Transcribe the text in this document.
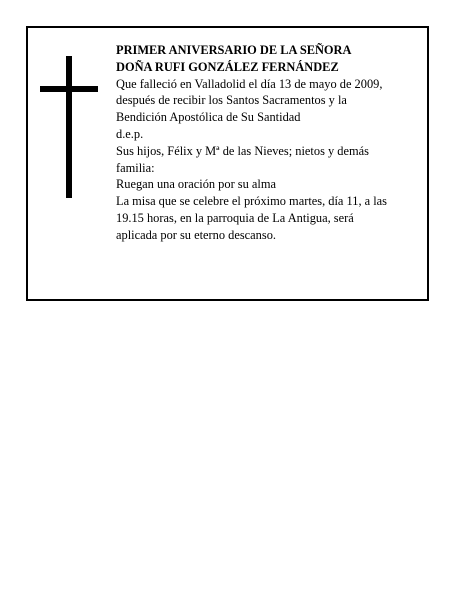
PRIMER ANIVERSARIO DE LA SEÑORA
DOÑA RUFI GONZÁLEZ FERNÁNDEZ
Que falleció en Valladolid el día 13 de mayo de 2009,
después de recibir los Santos Sacramentos y la
Bendición Apostólica de Su Santidad
d.e.p.
Sus hijos, Félix y Mª de las Nieves; nietos y demás
familia:
Ruegan una oración por su alma
La misa que se celebre el próximo martes, día 11, a las
19.15 horas, en la parroquia de La Antigua, será
aplicada por su eterno descanso.
